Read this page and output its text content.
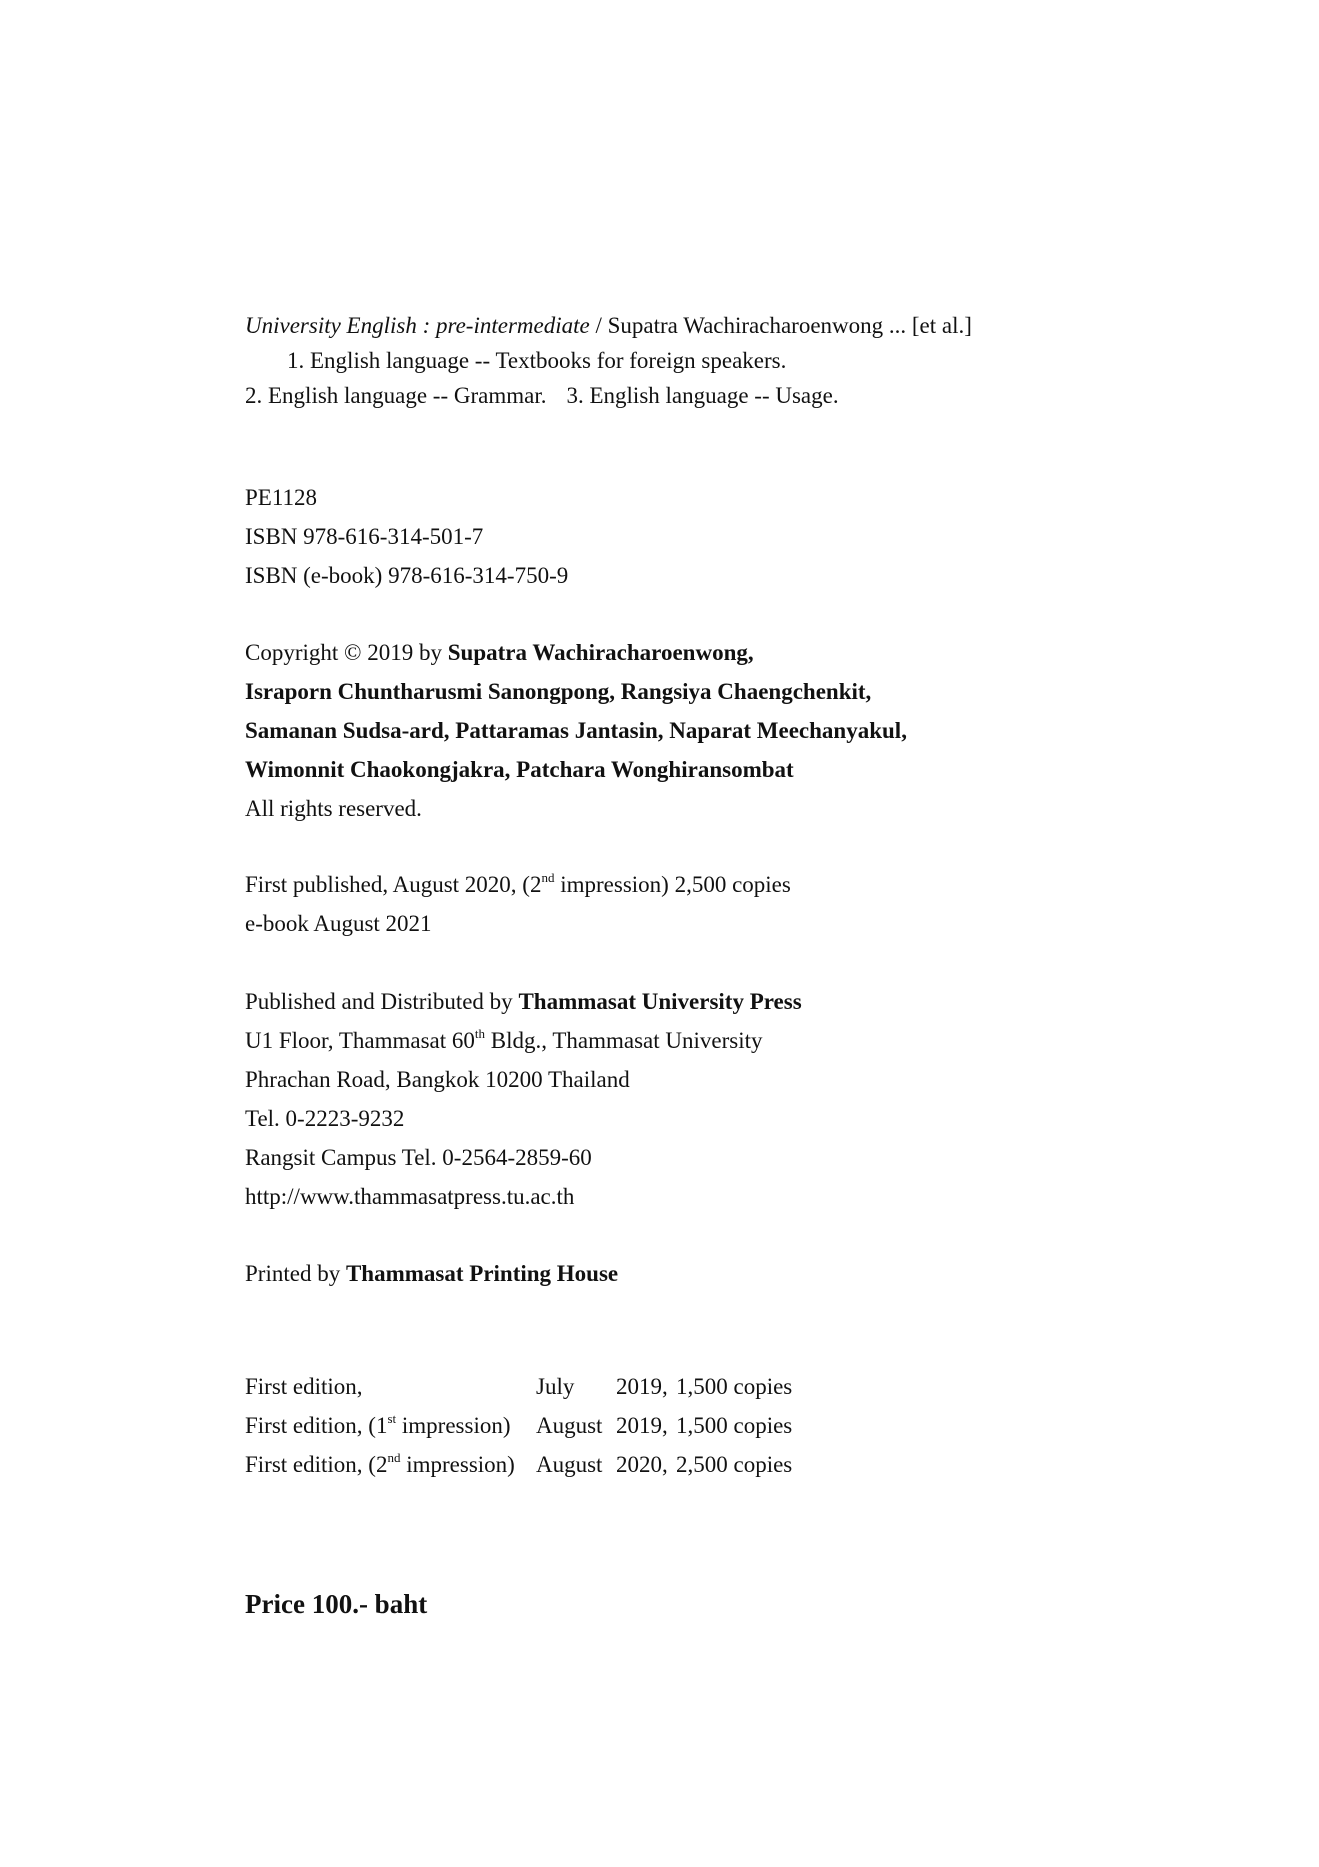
University English : pre-intermediate / Supatra Wachiracharoenwong ... [et al.]
1. English language -- Textbooks for foreign speakers.
2. English language -- Grammar. 3. English language -- Usage.
PE1128
ISBN 978-616-314-501-7
ISBN (e-book) 978-616-314-750-9
Copyright © 2019 by Supatra Wachiracharoenwong,
Israporn Chuntharusmi Sanongpong, Rangsiya Chaengchenkit,
Samanan Sudsa-ard, Pattaramas Jantasin, Naparat Meechanyakul,
Wimonnit Chaokongjakra, Patchara Wonghiransombat
All rights reserved.
First published, August 2020, (2nd impression) 2,500 copies
e-book August 2021
Published and Distributed by Thammasat University Press
U1 Floor, Thammasat 60th Bldg., Thammasat University
Phrachan Road, Bangkok 10200 Thailand
Tel. 0-2223-9232
Rangsit Campus Tel. 0-2564-2859-60
http://www.thammasatpress.tu.ac.th
Printed by Thammasat Printing House
First edition,	July	2019, 1,500 copies
First edition, (1st impression)	August 2019, 1,500 copies
First edition, (2nd impression) August 2020, 2,500 copies
Price 100.- baht
